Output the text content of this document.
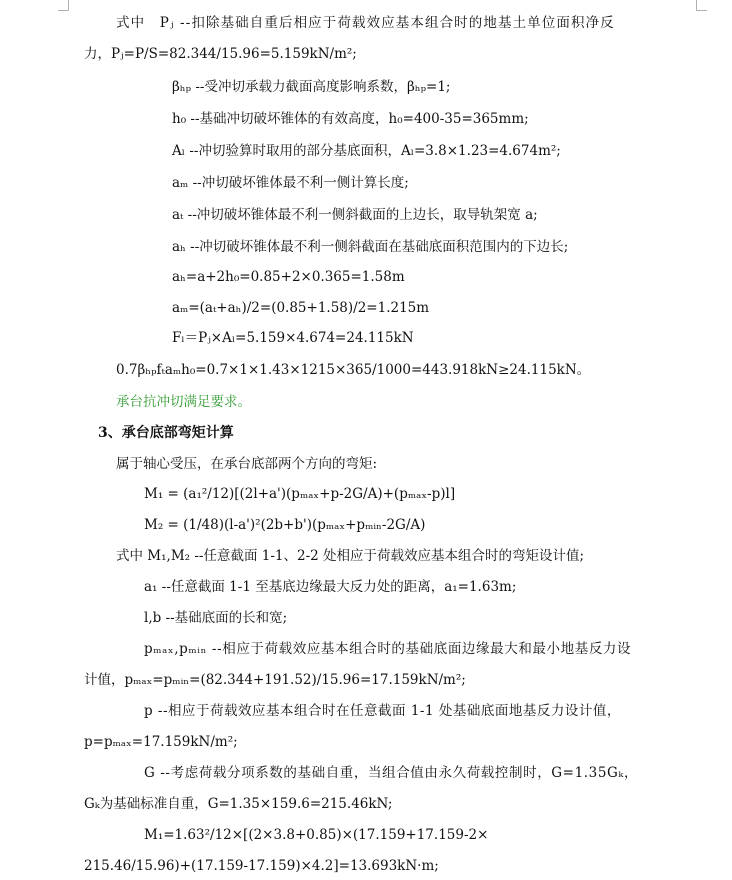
式中　Pⱼ --扣除基础自重后相应于荷载效应基本组合时的地基土单位面积净反
力，Pⱼ=P/S=82.344/15.96=5.159kN/m²;
βₕₚ --受冲切承载力截面高度影响系数，βₕₚ=1;
h₀ --基础冲切破坏锥体的有效高度，h₀=400-35=365mm;
Aₗ --冲切验算时取用的部分基底面积，Aₗ=3.8×1.23=4.674m²;
aₘ --冲切破坏锥体最不利一侧计算长度;
aₜ --冲切破坏锥体最不利一侧斜截面的上边长，取导轨架宽 a;
aₕ --冲切破坏锥体最不利一侧斜截面在基础底面积范围内的下边长;
aₕ=a+2h₀=0.85+2×0.365=1.58m
aₘ=(aₜ+aₕ)/2=(0.85+1.58)/2=1.215m
Fₗ＝Pⱼ×Aₗ=5.159×4.674=24.115kN
0.7βₕₚfₜaₘh₀=0.7×1×1.43×1215×365/1000=443.918kN≥24.115kN。
承台抗冲切满足要求。
3、承台底部弯矩计算
属于轴心受压，在承台底部两个方向的弯矩:
M₁ = (a₁²/12)[(2l+a')(pₘₐₓ+p-2G/A)+(pₘₐₓ-p)l]
M₂ = (1/48)(l-a')²(2b+b')(pₘₐₓ+pₘᵢₙ-2G/A)
式中 M₁,M₂ --任意截面 1-1、2-2 处相应于荷载效应基本组合时的弯矩设计值;
a₁ --任意截面 1-1 至基底边缘最大反力处的距离，a₁=1.63m;
l,b --基础底面的长和宽;
pₘₐₓ,pₘᵢₙ --相应于荷载效应基本组合时的基础底面边缘最大和最小地基反力设
计值，pₘₐₓ=pₘᵢₙ=(82.344+191.52)/15.96=17.159kN/m²;
p --相应于荷载效应基本组合时在任意截面 1-1 处基础底面地基反力设计值，
p=pₘₐₓ=17.159kN/m²;
G --考虑荷载分项系数的基础自重，当组合值由永久荷载控制时，G=1.35Gₖ，
Gₖ为基础标准自重，G=1.35×159.6=215.46kN;
M₁=1.63²/12×[(2×3.8+0.85)×(17.159+17.159-2×
215.46/15.96)+(17.159-17.159)×4.2]=13.693kN·m;
